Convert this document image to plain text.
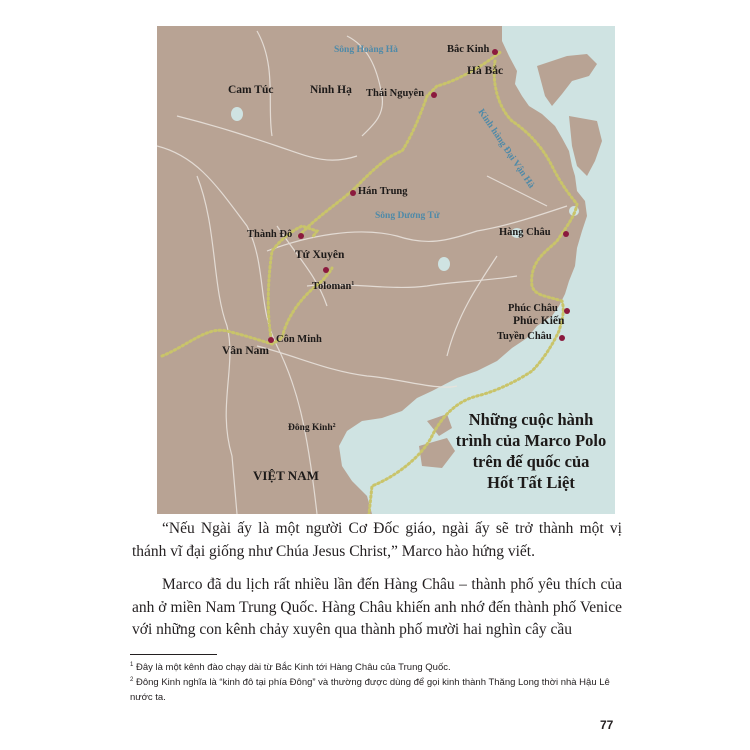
Sông Hoàng Hà	Bắc Kinh
Hà Bắc
Cam Túc	Ninh Hạ Thái Nguyên
Kinh hàng Đại Vận Hà
Hán Trung
Sông Dương Tử
Thành Đô
Tứ Xuyên
Toloman$^1$
Côn Minh
Vân Nam
Hàng Châu
Phúc Châu
Phúc Kiến
Tuyền Châu
Đông Kinh$^2$
VIỆT NAM
Những cuộc hành
trình của Marco Polo
trên đế quốc của
Hốt Tất Liệt

“Nếu Ngài ấy là một người Cơ Đốc giáo, ngài ấy sẽ trở thành một vị thánh vĩ đại giống như Chúa Jesus Christ,” Marco hào hứng viết.

Marco đã du lịch rất nhiều lần đến Hàng Châu – thành phố yêu thích của anh ở miền Nam Trung Quốc. Hàng Châu khiến anh nhớ đến thành phố Venice với những con kênh chảy xuyên qua thành phố mười hai nghìn cây cầu

$^1$ Đây là một kênh đào chạy dài từ Bắc Kinh tới Hàng Châu của Trung Quốc.
$^2$ Đông Kinh nghĩa là “kinh đô tại phía Đông” và thường được dùng để gọi kinh thành Thăng Long thời nhà Hậu Lê nước ta.
77
